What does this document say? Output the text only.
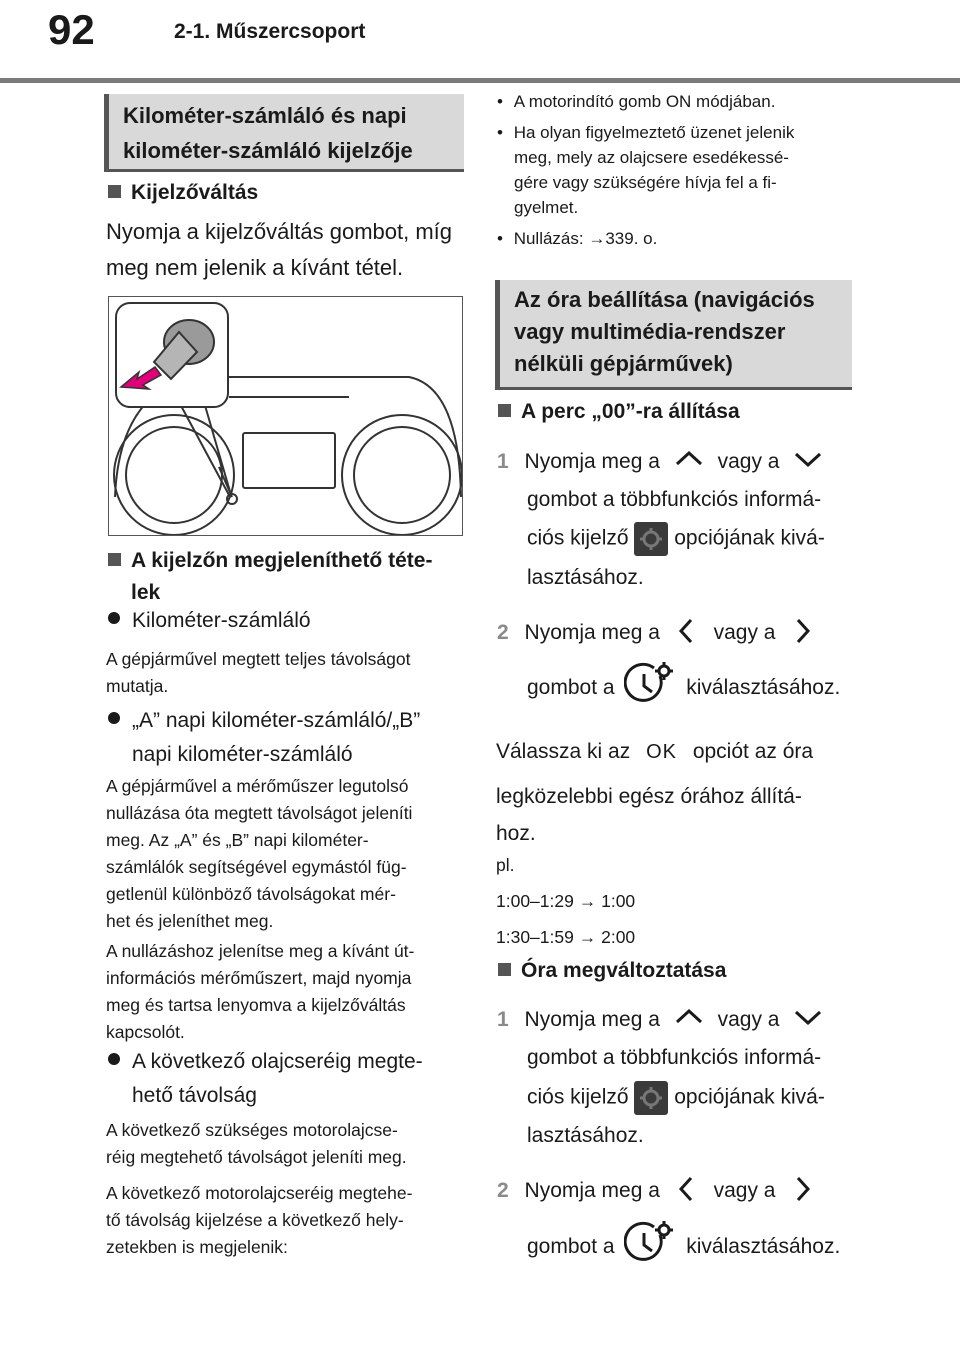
92	2-1. Műszercsoport
Kilométer-számláló és napi
kilométer-számláló kijelzője
Kijelzőváltás
Nyomja a kijelzőváltás gombot, míg
meg nem jelenik a kívánt tétel.
A kijelzőn megjeleníthető téte-
lek
Kilométer-számláló
A gépjárművel megtett teljes távolságot
mutatja.
„A” napi kilométer-számláló/„B”
napi kilométer-számláló
A gépjárművel a mérőműszer legutolsó
nullázása óta megtett távolságot jeleníti
meg. Az „A” és „B” napi kilométer-
számlálók segítségével egymástól füg-
getlenül különböző távolságokat mér-
het és jeleníthet meg.
A nullázáshoz jelenítse meg a kívánt út-
információs mérőműszert, majd nyomja
meg és tartsa lenyomva a kijelzőváltás
kapcsolót.
A következő olajcseréig megte-
hető távolság
A következő szükséges motorolajcse-
réig megtehető távolságot jeleníti meg.
A következő motorolajcseréig megtehe-
tő távolság kijelzése a következő hely-
zetekben is megjelenik:
• A motorindító gomb ON módjában.
• Ha olyan figyelmeztető üzenet jelenik
meg, mely az olajcsere esedékessé-
gére vagy szükségére hívja fel a fi-
gyelmet.
• Nullázás: →339. o.
Az óra beállítása (navigációs
vagy multimédia-rendszer
nélküli gépjárművek)
A perc „00”-ra állítása
1 Nyomja meg a	vagy a
gombot a többfunkciós informá-
ciós kijelző opciójának kivá-
lasztásához.
2 Nyomja meg a	vagy a
gombot a	kiválasztásához.
Válassza ki az OK opciót az óra
legközelebbi egész órához állítá-
hoz.
pl.
1:00–1:29 → 1:00
1:30–1:59 → 2:00
Óra megváltoztatása
1 Nyomja meg a	vagy a
gombot a többfunkciós informá-
ciós kijelző opciójának kivá-
lasztásához.
2 Nyomja meg a	vagy a
gombot a	kiválasztásához.
